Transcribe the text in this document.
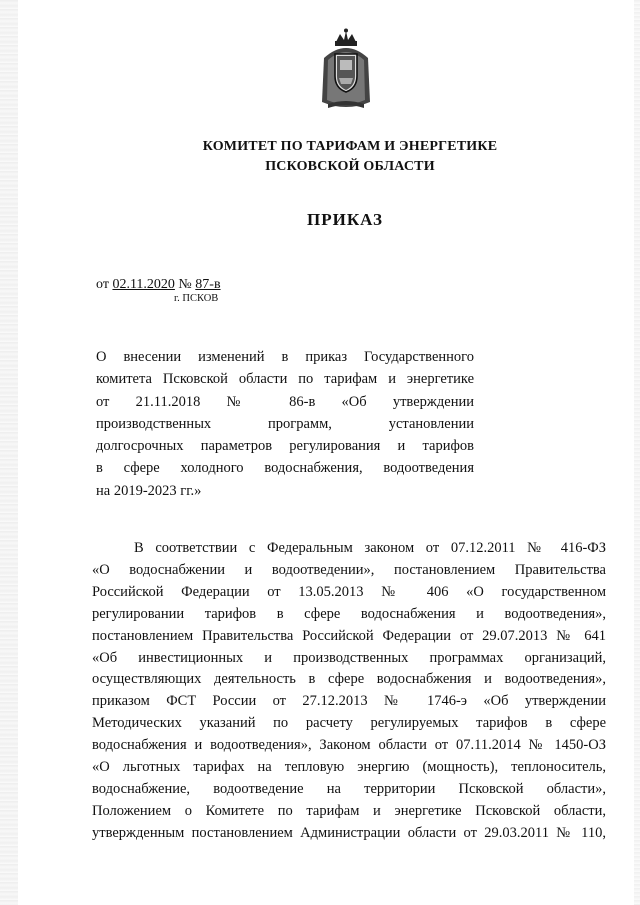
КОМИТЕТ ПО ТАРИФАМ И ЭНЕРГЕТИКЕ
ПСКОВСКОЙ ОБЛАСТИ
ПРИКАЗ
от 02.11.2020 № 87-в
г. ПСКОВ
О внесении изменений в приказ Государственного
комитета Псковской области по тарифам и энергетике
от 21.11.2018 № 86-в «Об утверждении
производственных программ, установлении
долгосрочных параметров регулирования и тарифов
в сфере холодного водоснабжения, водоотведения
на 2019-2023 гг.»
В соответствии с Федеральным законом от 07.12.2011 № 416-ФЗ
«О водоснабжении и водоотведении», постановлением Правительства
Российской Федерации от 13.05.2013 № 406 «О государственном
регулировании тарифов в сфере водоснабжения и водоотведения»,
постановлением Правительства Российской Федерации от 29.07.2013 № 641
«Об инвестиционных и производственных программах организаций,
осуществляющих деятельность в сфере водоснабжения и водоотведения»,
приказом ФСТ России от 27.12.2013 № 1746-э «Об утверждении
Методических указаний по расчету регулируемых тарифов в сфере
водоснабжения и водоотведения», Законом области от 07.11.2014 № 1450-ОЗ
«О льготных тарифах на тепловую энергию (мощность), теплоноситель,
водоснабжение, водоотведение на территории Псковской области»,
Положением о Комитете по тарифам и энергетике Псковской области,
утвержденным постановлением Администрации области от 29.03.2011 № 110,
